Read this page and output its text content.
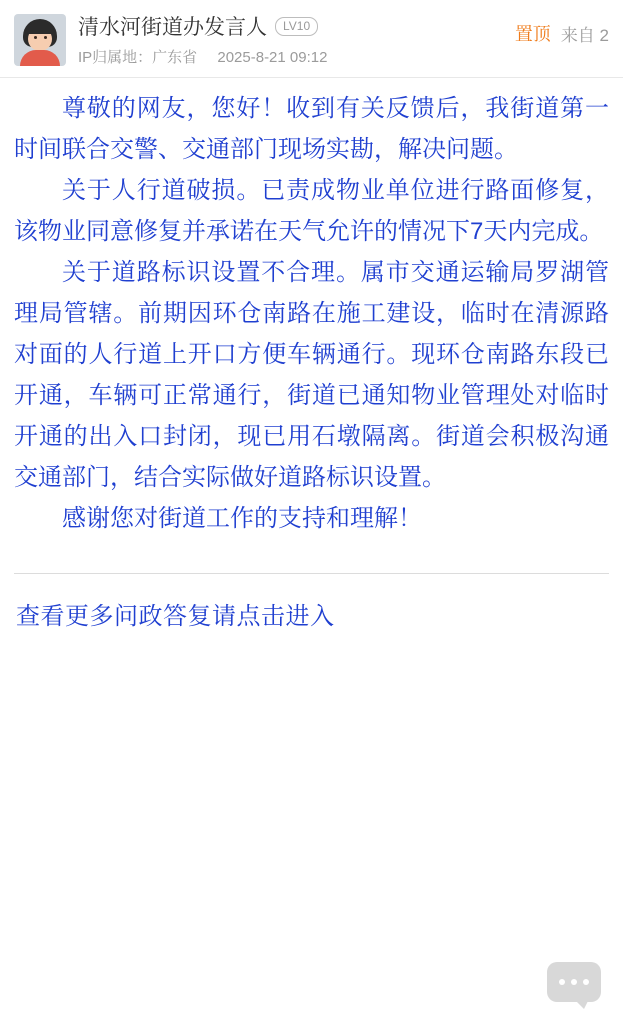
清水河街道办发言人	LV10
IP归属地：广东省 2025-8-21 09:12
置顶 来自 2

尊敬的网友，您好！收到有关反馈后，我街道第一时间联合交警、交通部门现场实勘，解决问题。

关于人行道破损。已责成物业单位进行路面修复，该物业同意修复并承诺在天气允许的情况下7天内完成。

关于道路标识设置不合理。属市交通运输局罗湖管理局管辖。前期因环仓南路在施工建设，临时在清源路对面的人行道上开口方便车辆通行。现环仓南路东段已开通，车辆可正常通行，街道已通知物业管理处对临时开通的出入口封闭，现已用石墩隔离。街道会积极沟通交通部门，结合实际做好道路标识设置。

感谢您对街道工作的支持和理解！

查看更多问政答复请点击进入
